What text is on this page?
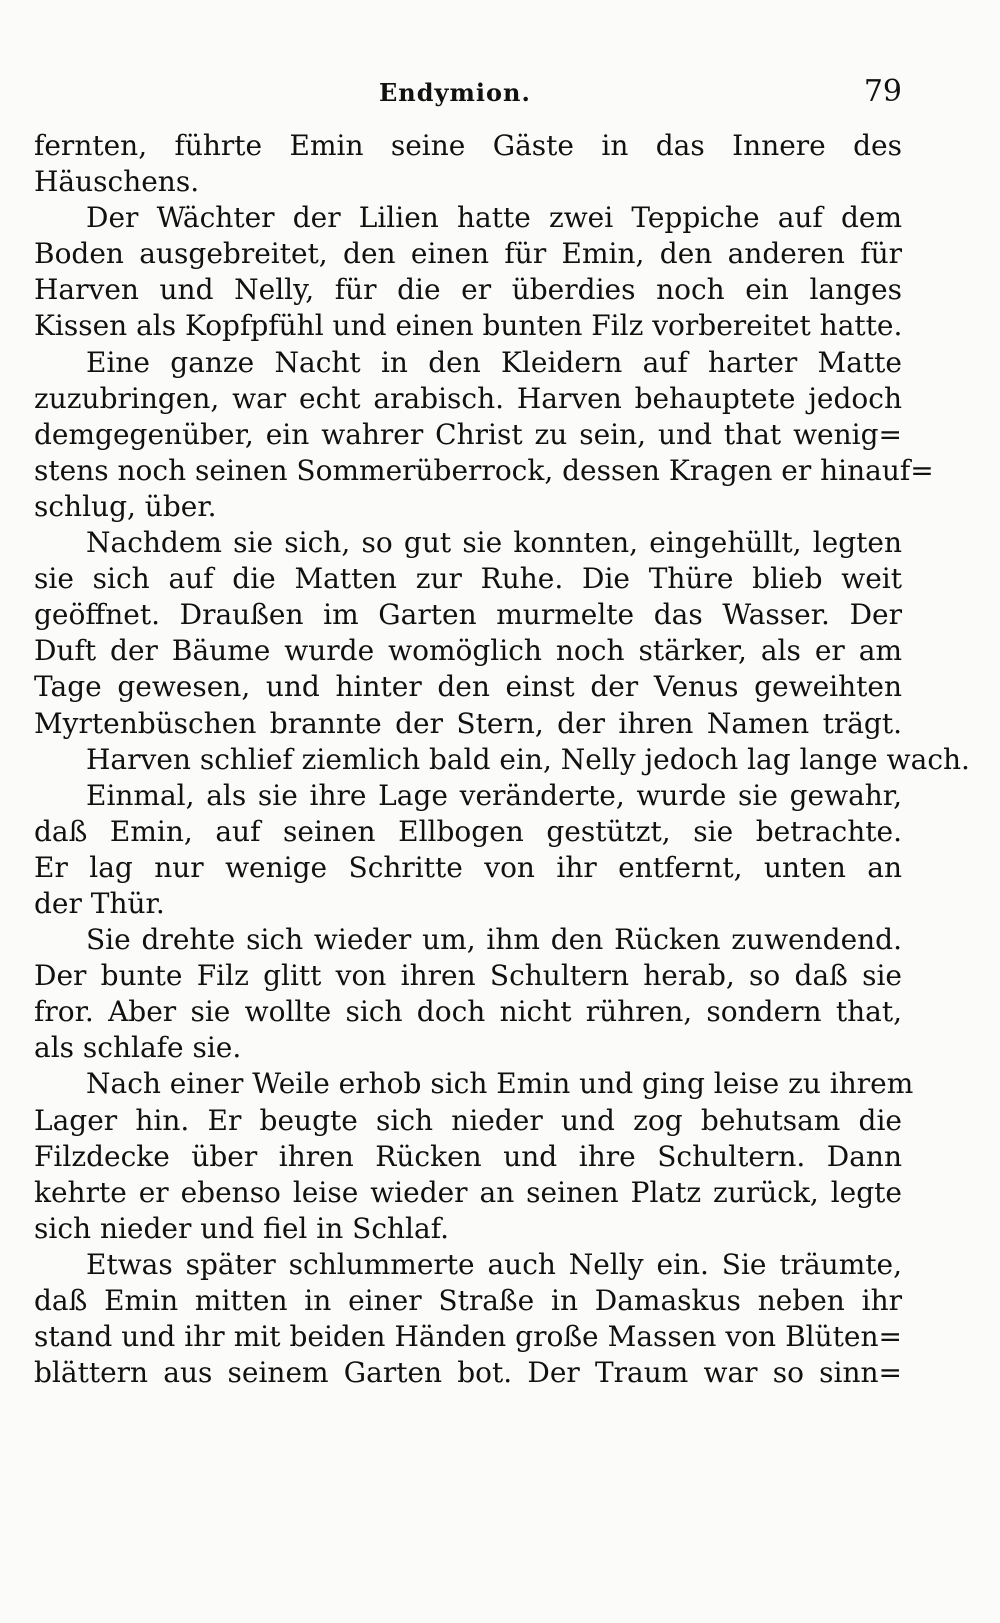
Endymion.	79
fernten, führte Emin seine Gäste in das Innere des
Häuschens.
Der Wächter der Lilien hatte zwei Teppiche auf dem
Boden ausgebreitet, den einen für Emin, den anderen für
Harven und Nelly, für die er überdies noch ein langes
Kissen als Kopfpfühl und einen bunten Filz vorbereitet hatte.
Eine ganze Nacht in den Kleidern auf harter Matte
zuzubringen, war echt arabisch. Harven behauptete jedoch
demgegenüber, ein wahrer Christ zu sein, und that wenig=
stens noch seinen Sommerüberrock, dessen Kragen er hinauf=
schlug, über.
Nachdem sie sich, so gut sie konnten, eingehüllt, legten
sie sich auf die Matten zur Ruhe. Die Thüre blieb weit
geöffnet. Draußen im Garten murmelte das Wasser. Der
Duft der Bäume wurde womöglich noch stärker, als er am
Tage gewesen, und hinter den einst der Venus geweihten
Myrtenbüschen brannte der Stern, der ihren Namen trägt.
Harven schlief ziemlich bald ein, Nelly jedoch lag lange wach.
Einmal, als sie ihre Lage veränderte, wurde sie gewahr,
daß Emin, auf seinen Ellbogen gestützt, sie betrachte.
Er lag nur wenige Schritte von ihr entfernt, unten an
der Thür.
Sie drehte sich wieder um, ihm den Rücken zuwendend.
Der bunte Filz glitt von ihren Schultern herab, so daß sie
fror. Aber sie wollte sich doch nicht rühren, sondern that,
als schlafe sie.
Nach einer Weile erhob sich Emin und ging leise zu ihrem
Lager hin. Er beugte sich nieder und zog behutsam die
Filzdecke über ihren Rücken und ihre Schultern. Dann
kehrte er ebenso leise wieder an seinen Platz zurück, legte
sich nieder und fiel in Schlaf.
Etwas später schlummerte auch Nelly ein. Sie träumte,
daß Emin mitten in einer Straße in Damaskus neben ihr
stand und ihr mit beiden Händen große Massen von Blüten=
blättern aus seinem Garten bot. Der Traum war so sinn=
